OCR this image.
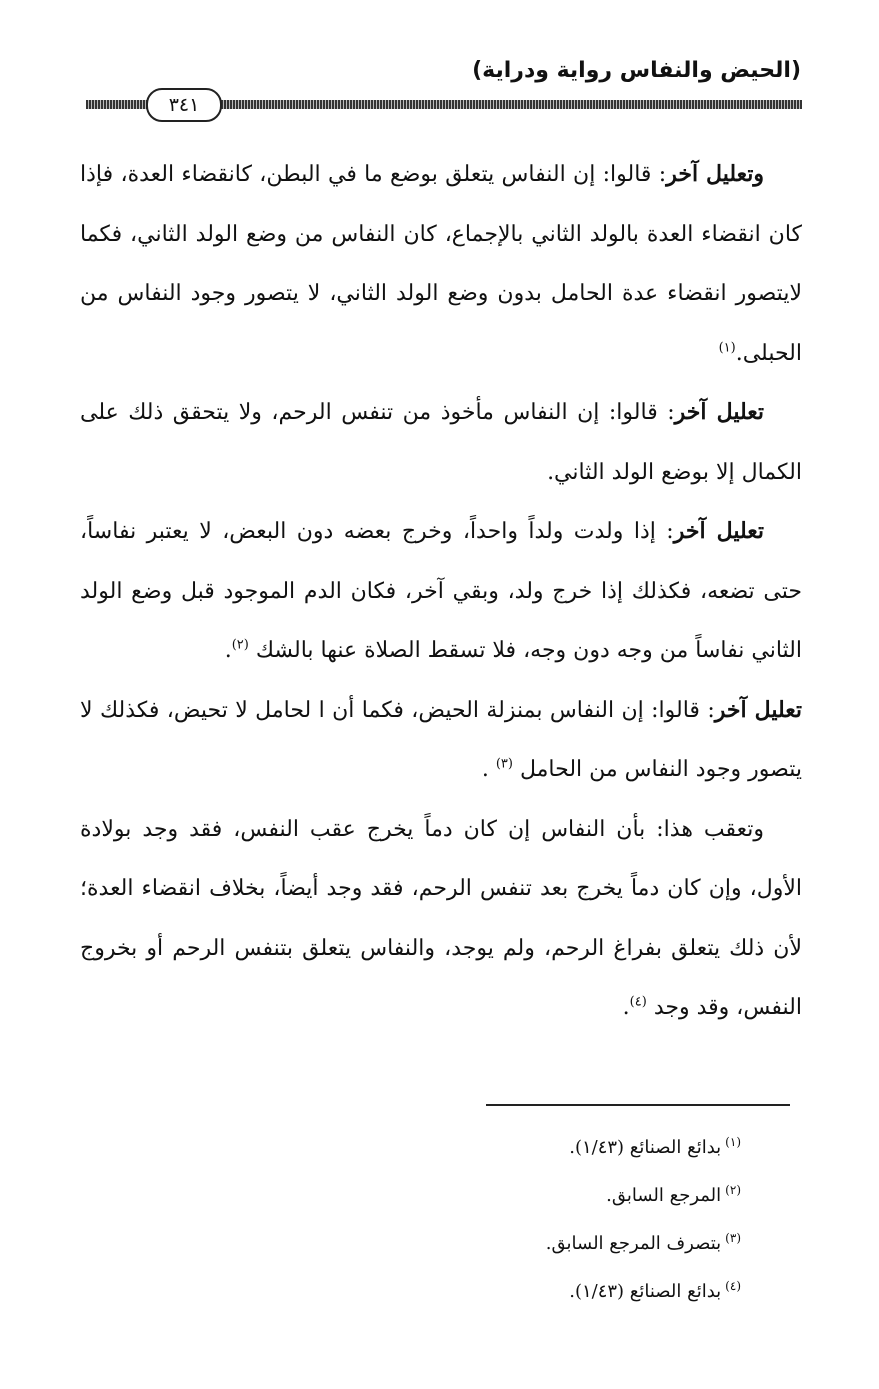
(الحيض والنفاس رواية ودراية)
٣٤١

وتعليل آخر: قالوا: إن النفاس يتعلق بوضع ما في البطن، كانقضاء العدة، فإذا كان انقضاء العدة بالولد الثاني بالإجماع، كان النفاس من وضع الولد الثاني، فكما لايتصور انقضاء عدة الحامل بدون وضع الولد الثاني، لا يتصور وجود النفاس من الحبلى.$^{(١)}$

تعليل آخر: قالوا: إن النفاس مأخوذ من تنفس الرحم، ولا يتحقق ذلك على الكمال إلا بوضع الولد الثاني.

تعليل آخر: إذا ولدت ولداً واحداً، وخرج بعضه دون البعض، لا يعتبر نفاساً، حتى تضعه، فكذلك إذا خرج ولد، وبقي آخر، فكان الدم الموجود قبل وضع الولد الثاني نفاساً من وجه دون وجه، فلا تسقط الصلاة عنها بالشك $^{(٢)}$.

تعليل آخر: قالوا: إن النفاس بمنزلة الحيض، فكما أن ا لحامل لا تحيض، فكذلك لا يتصور وجود النفاس من الحامل $^{(٣)}$ .

وتعقب هذا: بأن النفاس إن كان دماً يخرج عقب النفس، فقد وجد بولادة الأول، وإن كان دماً يخرج بعد تنفس الرحم، فقد وجد أيضاً، بخلاف انقضاء العدة؛ لأن ذلك يتعلق بفراغ الرحم، ولم يوجد، والنفاس يتعلق بتنفس الرحم أو بخروج النفس، وقد وجد $^{(٤)}$.

$^{(١)}$بدائع الصنائع (١/٤٣).

$^{(٢)}$المرجع السابق.

$^{(٣)}$بتصرف المرجع السابق.

$^{(٤)}$بدائع الصنائع (١/٤٣).
